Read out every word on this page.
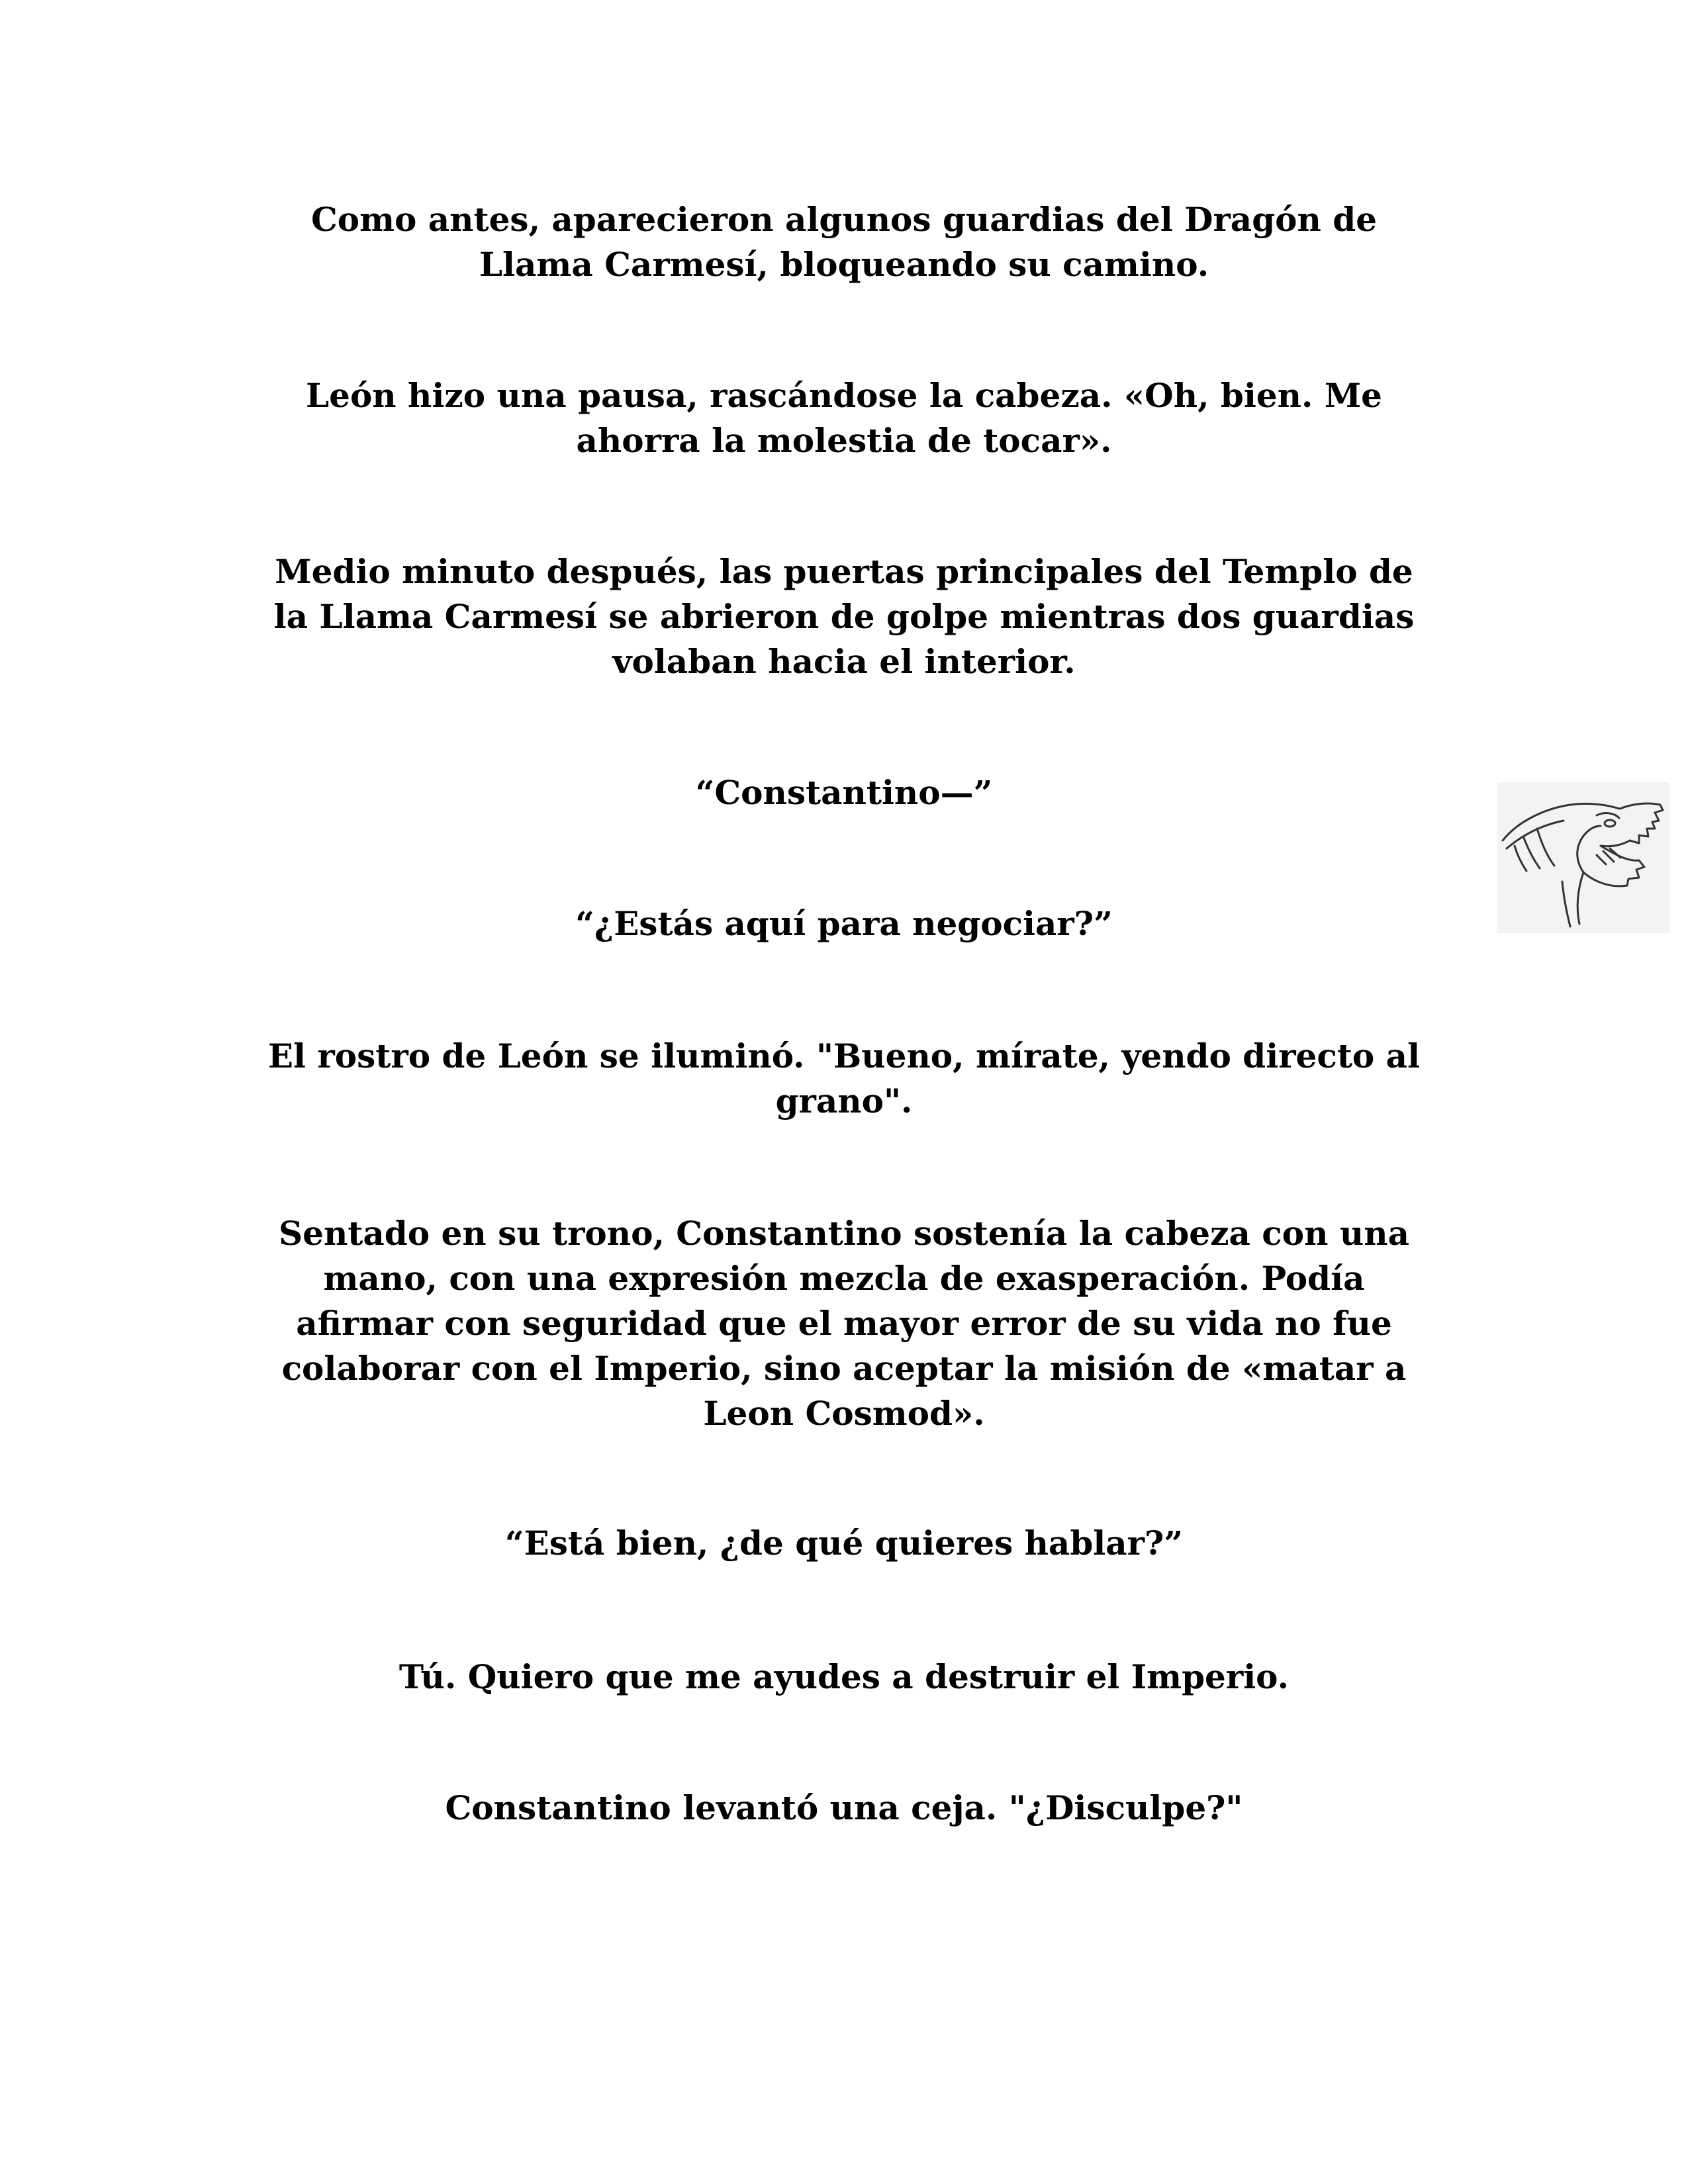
Como antes, aparecieron algunos guardias del Dragón de
Llama Carmesí, bloqueando su camino.

León hizo una pausa, rascándose la cabeza. «Oh, bien. Me
ahorra la molestia de tocar».

Medio minuto después, las puertas principales del Templo de
la Llama Carmesí se abrieron de golpe mientras dos guardias
volaban hacia el interior.

“Constantino—”

“¿Estás aquí para negociar?”

El rostro de León se iluminó. "Bueno, mírate, yendo directo al
grano".

Sentado en su trono, Constantino sostenía la cabeza con una
mano, con una expresión mezcla de exasperación. Podía
afirmar con seguridad que el mayor error de su vida no fue
colaborar con el Imperio, sino aceptar la misión de «matar a
Leon Cosmod».

“Está bien, ¿de qué quieres hablar?”

Tú. Quiero que me ayudes a destruir el Imperio.

Constantino levantó una ceja. "¿Disculpe?"
